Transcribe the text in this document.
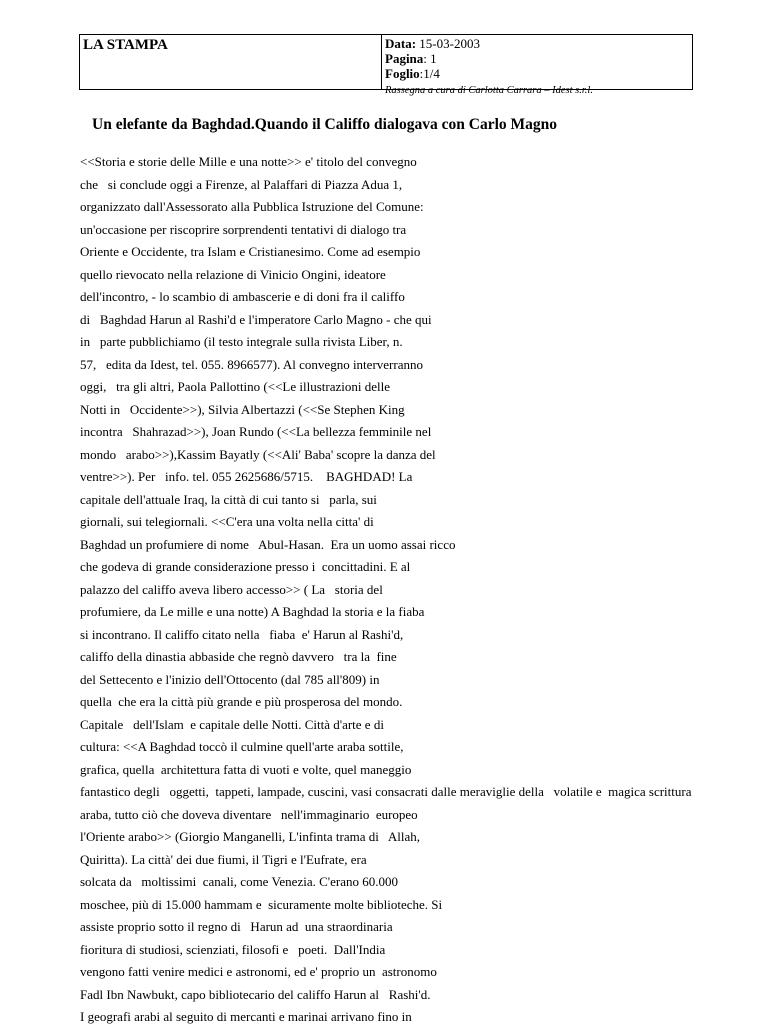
LA STAMPA	Data: 15-03-2003
Pagina: 1
Foglio:1/4
Rassegna a cura di Carlotta Carrara – Idest s.r.l.
Un elefante da Baghdad.Quando il Califfo dialogava con Carlo Magno
<<Storia e storie delle Mille e una notte>> e' titolo del convegno
che   si conclude oggi a Firenze, al Palaffari di Piazza Adua 1,
organizzato dall'Assessorato alla Pubblica Istruzione del Comune:
un'occasione per riscoprire sorprendenti tentativi di dialogo tra
Oriente e Occidente, tra Islam e Cristianesimo. Come ad esempio
quello rievocato nella relazione di Vinicio Ongini, ideatore
dell'incontro, - lo scambio di ambascerie e di doni fra il califfo
di   Baghdad Harun al Rashi'd e l'imperatore Carlo Magno - che qui
in   parte pubblichiamo (il testo integrale sulla rivista Liber, n.
57,   edita da Idest, tel. 055. 8966577). Al convegno interverranno
oggi,   tra gli altri, Paola Pallottino (<<Le illustrazioni delle
Notti in   Occidente>>), Silvia Albertazzi (<<Se Stephen King
incontra   Shahrazad>>), Joan Rundo (<<La bellezza femminile nel
mondo   arabo>>),Kassim Bayatly (<<Ali' Baba' scopre la danza del
ventre>>). Per   info. tel. 055 2625686/5715.    BAGHDAD! La
capitale dell'attuale Iraq, la città di cui tanto si   parla, sui
giornali, sui telegiornali. <<C'era una volta nella citta' di
Baghdad un profumiere di nome   Abul-Hasan.  Era un uomo assai ricco
che godeva di grande considerazione presso i  concittadini. E al
palazzo del califfo aveva libero accesso>> ( La   storia del
profumiere, da Le mille e una notte) A Baghdad la storia e la fiaba
si incontrano. Il califfo citato nella   fiaba  e' Harun al Rashi'd,
califfo della dinastia abbaside che regnò davvero   tra la  fine
del Settecento e l'inizio dell'Ottocento (dal 785 all'809) in
quella  che era la città più grande e più prosperosa del mondo.
Capitale   dell'Islam  e capitale delle Notti. Città d'arte e di
cultura: <<A Baghdad toccò il culmine quell'arte araba sottile,
grafica, quella  architettura fatta di vuoti e volte, quel maneggio
fantastico degli   oggetti,  tappeti, lampade, cuscini, vasi consacrati dalle meraviglie della   volatile e  magica scrittura
araba, tutto ciò che doveva diventare   nell'immaginario  europeo
l'Oriente arabo>> (Giorgio Manganelli, L'infinta trama di   Allah,
Quiritta). La città' dei due fiumi, il Tigri e l'Eufrate, era
solcata da   moltissimi  canali, come Venezia. C'erano 60.000
moschee, più di 15.000 hammam e  sicuramente molte biblioteche. Si
assiste proprio sotto il regno di   Harun ad  una straordinaria
fioritura di studiosi, scienziati, filosofi e   poeti.  Dall'India
vengono fatti venire medici e astronomi, ed e' proprio un  astronomo
Fadl Ibn Nawbukt, capo bibliotecario del califfo Harun al   Rashi'd.
I geografi arabi al seguito di mercanti e marinai arrivano fino in
